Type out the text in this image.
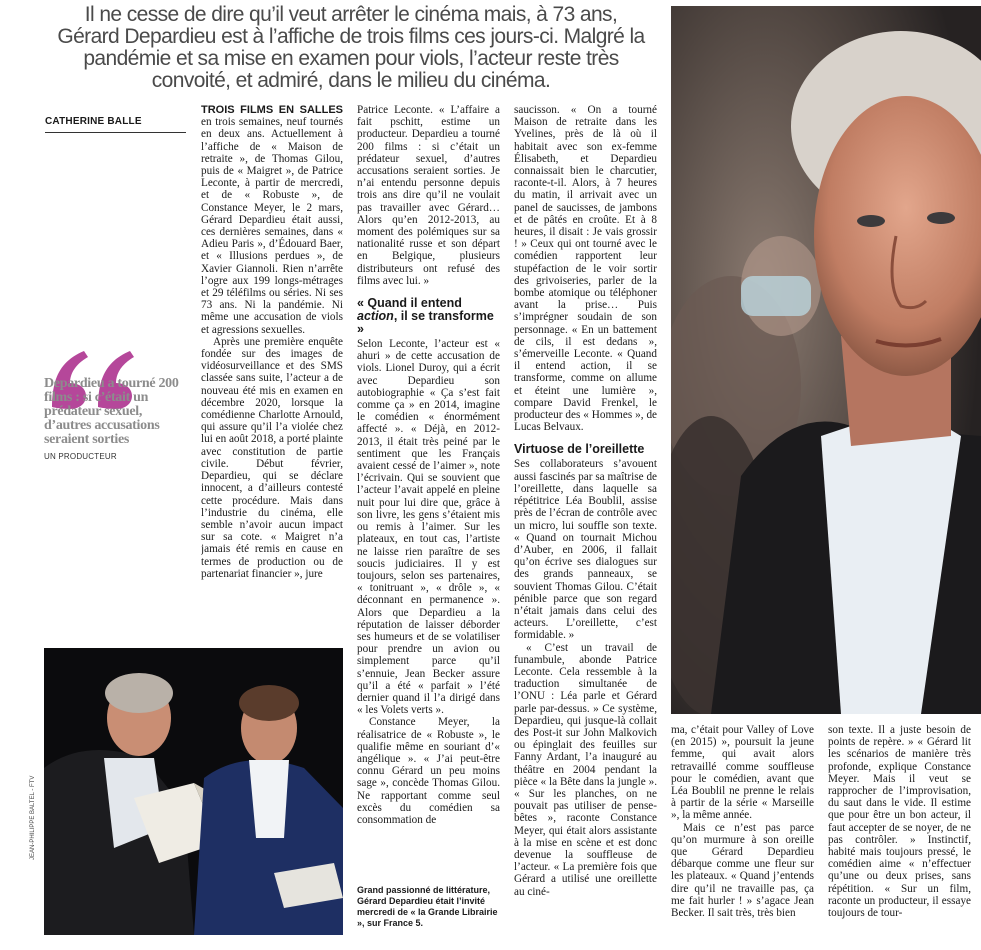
Il ne cesse de dire qu’il veut arrêter le cinéma mais, à 73 ans, Gérard Depardieu est à l’affiche de trois films ces jours-ci. Malgré la pandémie et sa mise en examen pour viols, l’acteur reste très convoité, et admiré, dans le milieu du cinéma.
CATHERINE BALLE
Depardieu a tourné 200 films : si c’était un prédateur sexuel, d’autres accusations seraient sorties
UN PRODUCTEUR

TROIS FILMS EN SALLES en trois semaines, neuf tournés en deux ans. Actuellement à l’affiche de « Maison de retraite », de Thomas Gilou, puis de « Maigret », de Patrice Leconte, à partir de mercredi, et de « Robuste », de Constance Meyer, le 2 mars, Gérard Depardieu était aussi, ces dernières semaines, dans « Adieu Paris », d’Édouard Baer, et « Illusions perdues », de Xavier Giannoli. Rien n’arrête l’ogre aux 199 longs-métrages et 29 téléfilms ou séries. Ni ses 73 ans. Ni la pandémie. Ni même une accusation de viols et agressions sexuelles.

Après une première enquête fondée sur des images de vidéosurveillance et des SMS classée sans suite, l’acteur a de nouveau été mis en examen en décembre 2020, lorsque la comédienne Charlotte Arnould, qui assure qu’il l’a violée chez lui en août 2018, a porté plainte avec constitution de partie civile. Début février, Depardieu, qui se déclare innocent, a d’ailleurs contesté cette procédure. Mais dans l’industrie du cinéma, elle semble n’avoir aucun impact sur sa cote. « Maigret n’a jamais été remis en cause en termes de production ou de partenariat financier », jure

Patrice Leconte. « L’affaire a fait pschitt, estime un producteur. Depardieu a tourné 200 films : si c’était un prédateur sexuel, d’autres accusations seraient sorties. Je n’ai entendu personne depuis trois ans dire qu’il ne voulait pas travailler avec Gérard… Alors qu’en 2012-2013, au moment des polémiques sur sa nationalité russe et son départ en Belgique, plusieurs distributeurs ont refusé des films avec lui. »

« Quand il entend action, il se transforme »

Selon Leconte, l’acteur est « ahuri » de cette accusation de viols. Lionel Duroy, qui a écrit avec Depardieu son autobiographie « Ça s’est fait comme ça » en 2014, imagine le comédien « énormément affecté ». « Déjà, en 2012-2013, il était très peiné par le sentiment que les Français avaient cessé de l’aimer », note l’écrivain. Qui se souvient que l’acteur l’avait appelé en pleine nuit pour lui dire que, grâce à son livre, les gens s’étaient mis ou remis à l’aimer. Sur les plateaux, en tout cas, l’artiste ne laisse rien paraître de ses soucis judiciaires. Il y est toujours, selon ses partenaires, « tonitruant », « drôle », « déconnant en permanence ». Alors que Depardieu a la réputation de laisser déborder ses humeurs et de se volatiliser pour prendre un avion ou simplement parce qu’il s’ennuie, Jean Becker assure qu’il a été « parfait » l’été dernier quand il l’a dirigé dans « les Volets verts ».

Constance Meyer, la réalisatrice de « Robuste », le qualifie même en souriant d’« angélique ». « J’ai peut-être connu Gérard un peu moins sage », concède Thomas Gilou. Ne rapportant comme seul excès du comédien sa consommation de

Grand passionné de littérature, Gérard Depardieu était l’invité mercredi de « la Grande Librairie », sur France 5.

saucisson. « On a tourné Maison de retraite dans les Yvelines, près de là où il habitait avec son ex-femme Élisabeth, et Depardieu connaissait bien le charcutier, raconte-t-il. Alors, à 7 heures du matin, il arrivait avec un panel de saucisses, de jambons et de pâtés en croûte. Et à 8 heures, il disait : Je vais grossir ! » Ceux qui ont tourné avec le comédien rapportent leur stupéfaction de le voir sortir des grivoiseries, parler de la bombe atomique ou téléphoner avant la prise… Puis s’imprégner soudain de son personnage. « En un battement de cils, il est dedans », s’émerveille Leconte. « Quand il entend action, il se transforme, comme on allume et éteint une lumière », compare David Frenkel, le producteur des « Hommes », de Lucas Belvaux.

Virtuose de l’oreillette

Ses collaborateurs s’avouent aussi fascinés par sa maîtrise de l’oreillette, dans laquelle sa répétitrice Léa Boublil, assise près de l’écran de contrôle avec un micro, lui souffle son texte. « Quand on tournait Michou d’Auber, en 2006, il fallait qu’on écrive ses dialogues sur des grands panneaux, se souvient Thomas Gilou. C’était pénible parce que son regard n’était jamais dans celui des acteurs. L’oreillette, c’est formidable. »

« C’est un travail de funambule, abonde Patrice Leconte. Cela ressemble à la traduction simultanée de l’ONU : Léa parle et Gérard parle par-dessus. » Ce système, Depardieu, qui jusque-là collait des Post-it sur John Malkovich ou épinglait des feuilles sur Fanny Ardant, l’a inauguré au théâtre en 2004 pendant la pièce « la Bête dans la jungle ». « Sur les planches, on ne pouvait pas utiliser de pense-bêtes », raconte Constance Meyer, qui était alors assistante à la mise en scène et est donc devenue la souffleuse de l’acteur. « La première fois que Gérard a utilisé une oreillette au ciné-

ma, c’était pour Valley of Love (en 2015) », poursuit la jeune femme, qui avait alors retravaillé comme souffleuse pour le comédien, avant que Léa Boublil ne prenne le relais à partir de la série « Marseille », la même année.

Mais ce n’est pas parce qu’on murmure à son oreille que Gérard Depardieu débarque comme une fleur sur les plateaux. « Quand j’entends dire qu’il ne travaille pas, ça me fait hurler ! » s’agace Jean Becker. Il sait très, très bien

son texte. Il a juste besoin de points de repère. » « Gérard lit les scénarios de manière très profonde, explique Constance Meyer. Mais il veut se rapprocher de l’improvisation, du saut dans le vide. Il estime que pour être un bon acteur, il faut accepter de se noyer, de ne pas contrôler. » Instinctif, habité mais toujours pressé, le comédien aime « n’effectuer qu’une ou deux prises, sans répétition. « Sur un film, raconte un producteur, il essaye toujours de tour-

JEAN-PHILIPPE BALTEL - FTV
